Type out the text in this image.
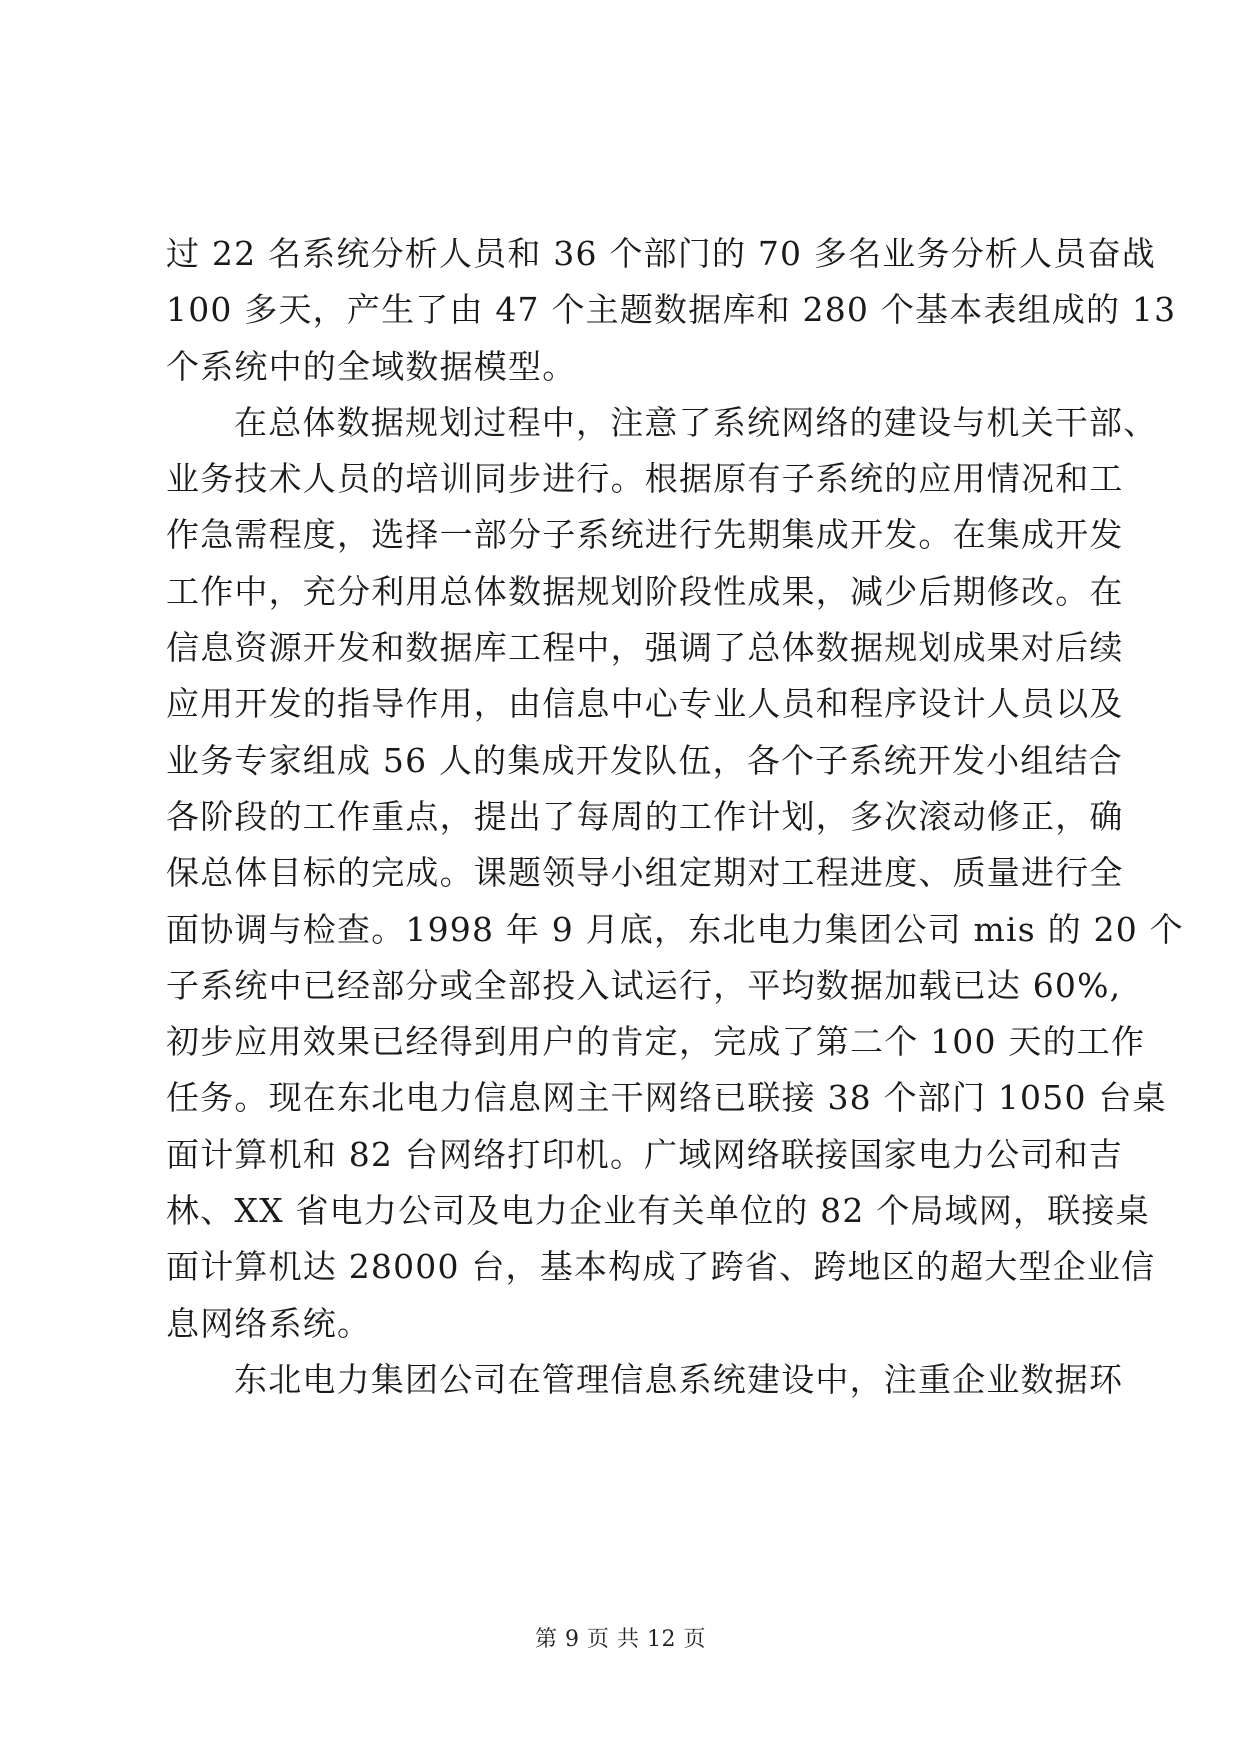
过 22 名系统分析人员和 36 个部门的 70 多名业务分析人员奋战
100 多天，产生了由 47 个主题数据库和 280 个基本表组成的 13
个系统中的全域数据模型。
在总体数据规划过程中，注意了系统网络的建设与机关干部、
业务技术人员的培训同步进行。根据原有子系统的应用情况和工
作急需程度，选择一部分子系统进行先期集成开发。在集成开发
工作中，充分利用总体数据规划阶段性成果，减少后期修改。在
信息资源开发和数据库工程中，强调了总体数据规划成果对后续
应用开发的指导作用，由信息中心专业人员和程序设计人员以及
业务专家组成 56 人的集成开发队伍，各个子系统开发小组结合
各阶段的工作重点，提出了每周的工作计划，多次滚动修正，确
保总体目标的完成。课题领导小组定期对工程进度、质量进行全
面协调与检查。1998 年 9 月底，东北电力集团公司 mis 的 20 个
子系统中已经部分或全部投入试运行，平均数据加载已达 60%,
初步应用效果已经得到用户的肯定，完成了第二个 100 天的工作
任务。现在东北电力信息网主干网络已联接 38 个部门 1050 台桌
面计算机和 82 台网络打印机。广域网络联接国家电力公司和吉
林、XX 省电力公司及电力企业有关单位的 82 个局域网，联接桌
面计算机达 28000 台，基本构成了跨省、跨地区的超大型企业信
息网络系统。
东北电力集团公司在管理信息系统建设中，注重企业数据环
第 9 页 共 12 页
